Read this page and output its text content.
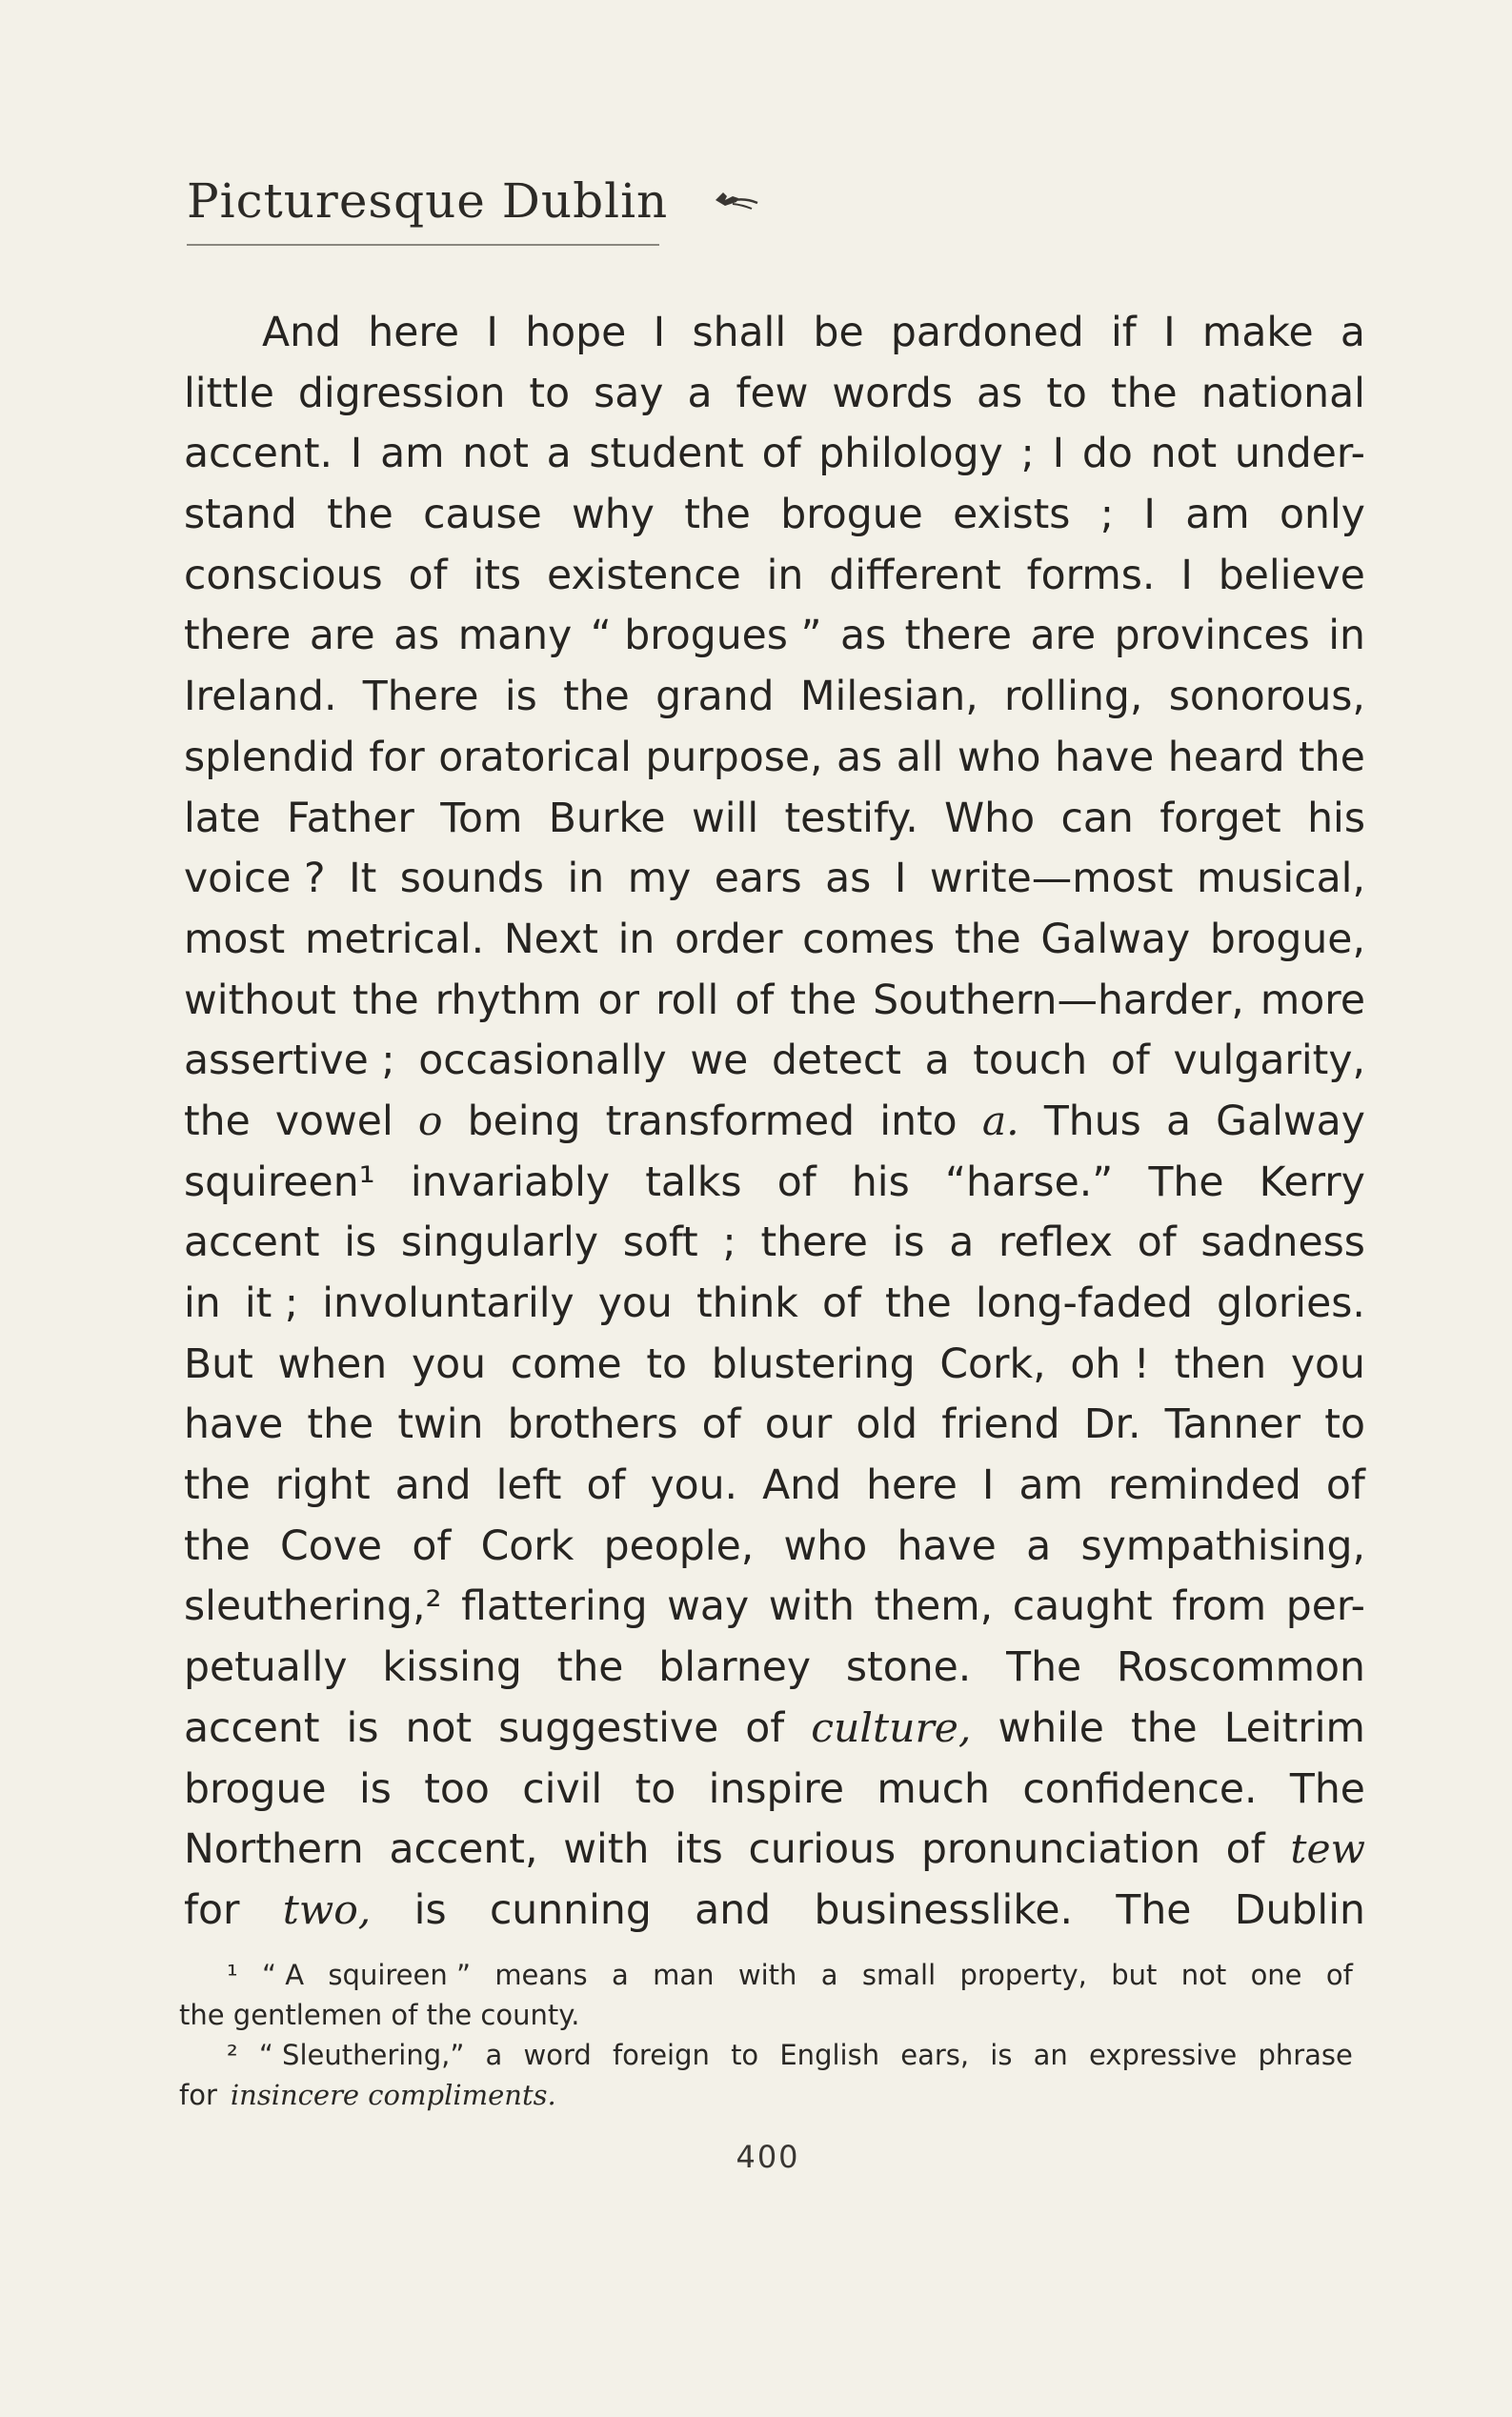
Picturesque Dublin
And here I hope I shall be pardoned if I make a
little digression to say a few words as to the national
accent. I am not a student of philology ; I do not under-
stand the cause why the brogue exists ; I am only
conscious of its existence in different forms. I believe
there are as many “ brogues ” as there are provinces in
Ireland. There is the grand Milesian, rolling, sonorous,
splendid for oratorical purpose, as all who have heard the
late Father Tom Burke will testify. Who can forget his
voice ? It sounds in my ears as I write—most musical,
most metrical. Next in order comes the Galway brogue,
without the rhythm or roll of the Southern—harder, more
assertive ; occasionally we detect a touch of vulgarity,
the vowel o being transformed into a. Thus a Galway
squireen¹ invariably talks of his “harse.” The Kerry
accent is singularly soft ; there is a reflex of sadness
in it ; involuntarily you think of the long-faded glories.
But when you come to blustering Cork, oh ! then you
have the twin brothers of our old friend Dr. Tanner to
the right and left of you. And here I am reminded of
the Cove of Cork people, who have a sympathising,
sleuthering,² flattering way with them, caught from per-
petually kissing the blarney stone. The Roscommon
accent is not suggestive of culture, while the Leitrim
brogue is too civil to inspire much confidence. The
Northern accent, with its curious pronunciation of tew
for two, is cunning and businesslike. The Dublin
¹ “ A squireen ” means a man with a small property, but not one of
the gentlemen of the county.
² “ Sleuthering,” a word foreign to English ears, is an expressive phrase
for insincere compliments.
400
